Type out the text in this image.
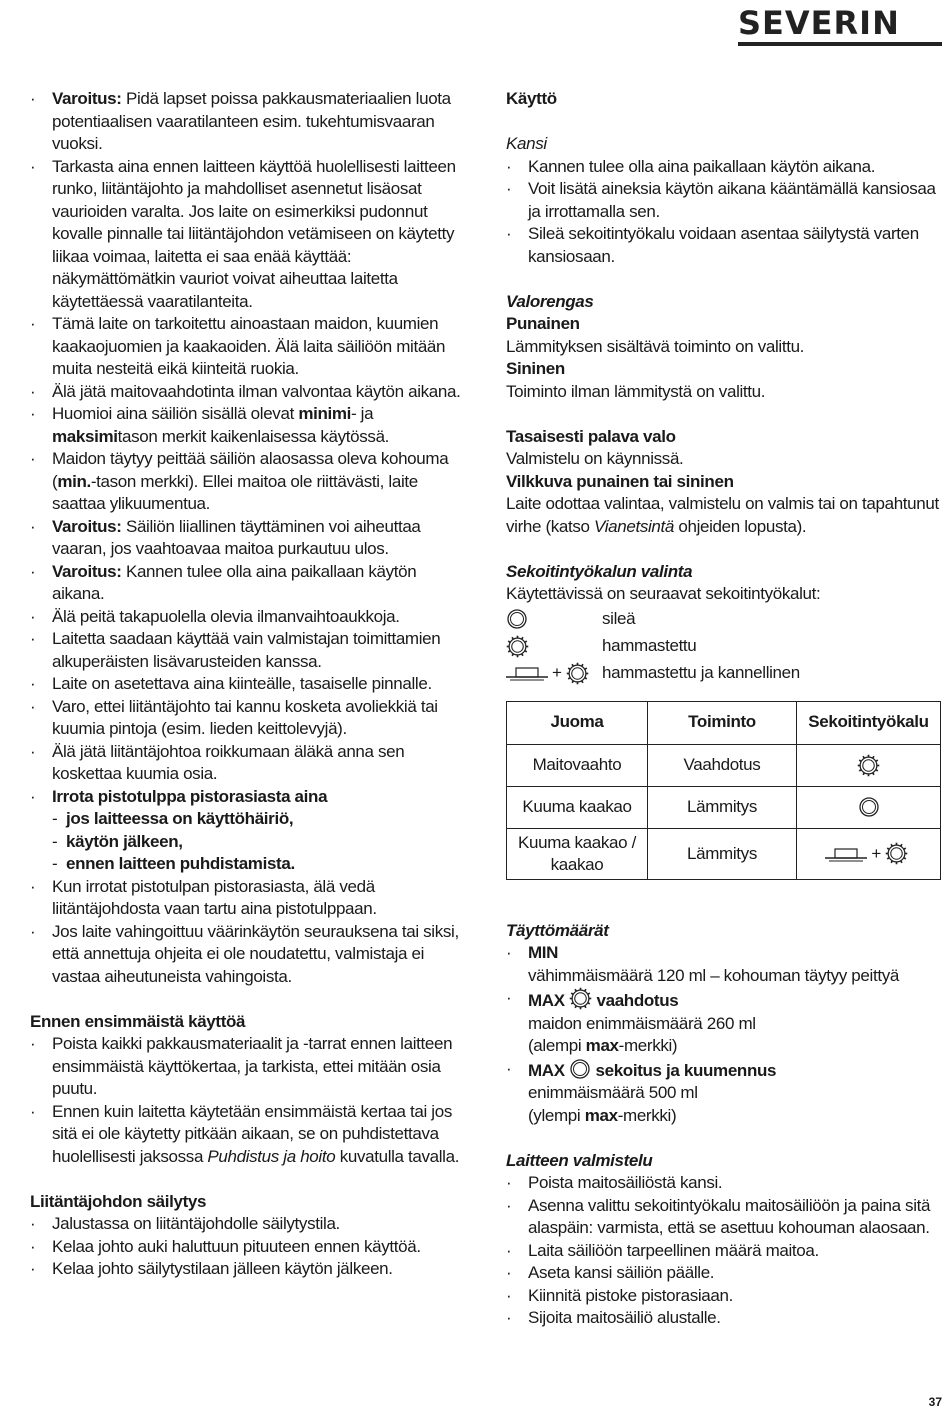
SEVERIN
· Varoitus: Pidä lapset poissa pakkausmateriaalien luota potentiaalisen vaaratilanteen esim. tukehtumisvaaran vuoksi.
· Tarkasta aina ennen laitteen käyttöä huolellisesti laitteen runko, liitäntäjohto ja mahdolliset asennetut lisäosat vaurioiden varalta. Jos laite on esimerkiksi pudonnut kovalle pinnalle tai liitäntäjohdon vetämiseen on käytetty liikaa voimaa, laitetta ei saa enää käyttää: näkymättömätkin vauriot voivat aiheuttaa laitetta käytettäessä vaaratilanteita.
· Tämä laite on tarkoitettu ainoastaan maidon, kuumien kaakaojuomien ja kaakaoiden. Älä laita säiliöön mitään muita nesteitä eikä kiinteitä ruokia.
· Älä jätä maitovaahdotinta ilman valvontaa käytön aikana.
· Huomioi aina säiliön sisällä olevat minimi- ja maksimitason merkit kaikenlaisessa käytössä.
· Maidon täytyy peittää säiliön alaosassa oleva kohouma (min.-tason merkki). Ellei maitoa ole riittävästi, laite saattaa ylikuumentua.
· Varoitus: Säiliön liiallinen täyttäminen voi aiheuttaa vaaran, jos vaahtoavaa maitoa purkautuu ulos.
· Varoitus: Kannen tulee olla aina paikallaan käytön aikana.
· Älä peitä takapuolella olevia ilmanvaihtoaukkoja.
· Laitetta saadaan käyttää vain valmistajan toimittamien alkuperäisten lisävarusteiden kanssa.
· Laite on asetettava aina kiinteälle, tasaiselle pinnalle.
· Varo, ettei liitäntäjohto tai kannu kosketa avoliekkiä tai kuumia pintoja (esim. lieden keittolevyjä).
· Älä jätä liitäntäjohtoa roikkumaan äläkä anna sen koskettaa kuumia osia.
· Irrota pistotulppa pistorasiasta aina
- jos laitteessa on käyttöhäiriö,
- käytön jälkeen,
- ennen laitteen puhdistamista.
· Kun irrotat pistotulpan pistorasiasta, älä vedä liitäntäjohdosta vaan tartu aina pistotulppaan.
· Jos laite vahingoittuu väärinkäytön seurauksena tai siksi, että annettuja ohjeita ei ole noudatettu, valmistaja ei vastaa aiheutuneista vahingoista.
Ennen ensimmäistä käyttöä
· Poista kaikki pakkausmateriaalit ja -tarrat ennen laitteen ensimmäistä käyttökertaa, ja tarkista, ettei mitään osia puutu.
· Ennen kuin laitetta käytetään ensimmäistä kertaa tai jos sitä ei ole käytetty pitkään aikaan, se on puhdistettava huolellisesti jaksossa Puhdistus ja hoito kuvatulla tavalla.
Liitäntäjohdon säilytys
· Jalustassa on liitäntäjohdolle säilytystila.
· Kelaa johto auki haluttuun pituuteen ennen käyttöä.
· Kelaa johto säilytystilaan jälleen käytön jälkeen.
Käyttö
Kansi
· Kannen tulee olla aina paikallaan käytön aikana.
· Voit lisätä aineksia käytön aikana kääntämällä kansiosaa ja irrottamalla sen.
· Sileä sekoitintyökalu voidaan asentaa säilytystä varten kansiosaan.
Valorengas
Punainen
Lämmityksen sisältävä toiminto on valittu.
Sininen
Toiminto ilman lämmitystä on valittu.
Tasaisesti palava valo
Valmistelu on käynnissä.
Vilkkuva punainen tai sininen
Laite odottaa valintaa, valmistelu on valmis tai on tapahtunut virhe (katso Vianetsintä ohjeiden lopusta).
Sekoitintyökalun valinta
Käytettävissä on seuraavat sekoitintyökalut:
sileä
hammastettu
+ hammastettu ja kannellinen
Juoma	Toiminto	Sekoitintyökalu
Maitovaahto	Vaahdotus	

Kuuma kaakao	Lämmitys	

Kuuma kaakao / kaakao	Lämmitys	+
Täyttömäärät
· MIN
vähimmäismäärä 120 ml – kohouman täytyy peittyä
· MAX vaahdotus
maidon enimmäismäärä 260 ml
(alempi max-merkki)
· MAX sekoitus ja kuumennus
enimmäismäärä 500 ml
(ylempi max-merkki)
Laitteen valmistelu
· Poista maitosäiliöstä kansi.
· Asenna valittu sekoitintyökalu maitosäiliöön ja paina sitä alaspäin: varmista, että se asettuu kohouman alaosaan.
· Laita säiliöön tarpeellinen määrä maitoa.
· Aseta kansi säiliön päälle.
· Kiinnitä pistoke pistorasiaan.
· Sijoita maitosäiliö alustalle.
37
